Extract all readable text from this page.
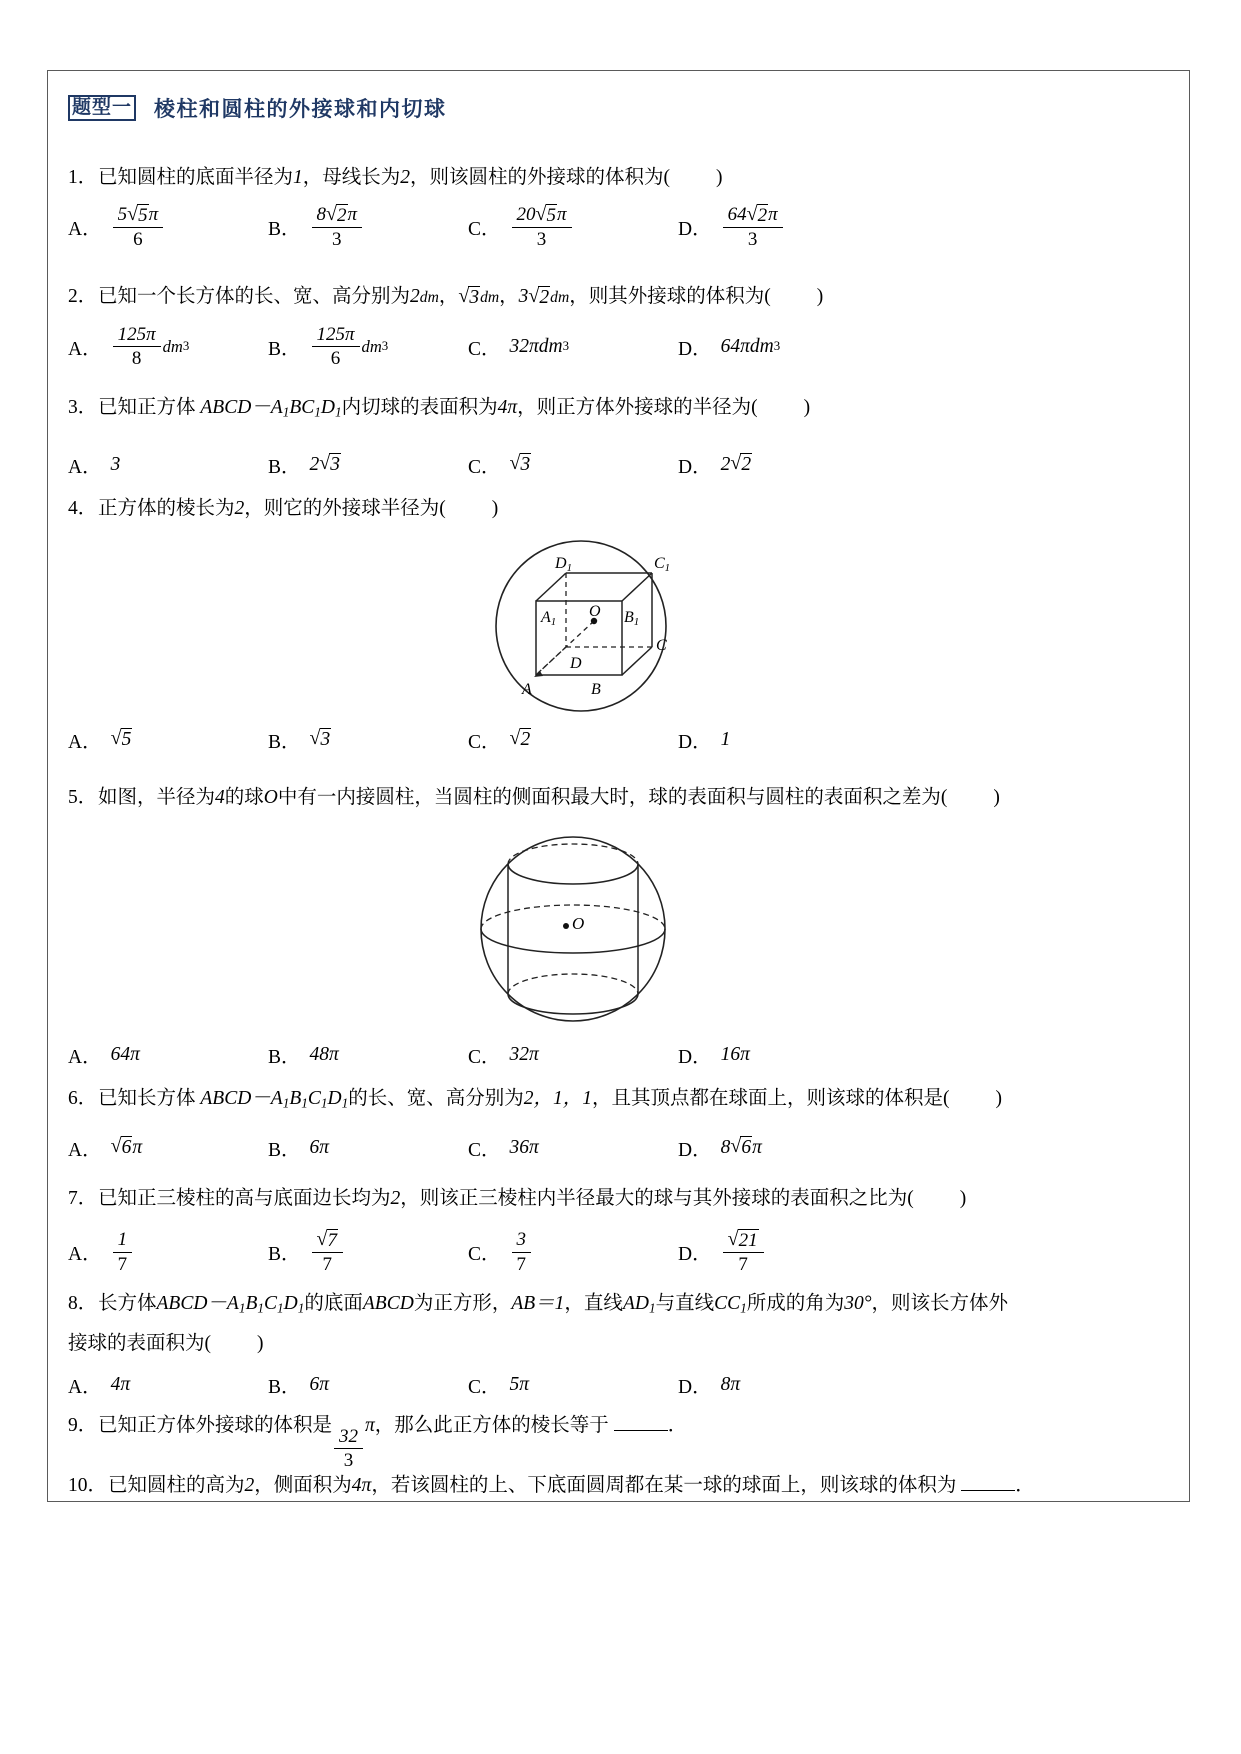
题型一 棱柱和圆柱的外接球和内切球
1．已知圆柱的底面半径为1，母线长为2，则该圆柱的外接球的体积为( )
A． $\frac{5 √ 5 \pi}{6}$	B． $\frac{8 √ 2 \pi}{3}$	C． $\frac{20 √ 5 \pi}{3}$	D． $\frac{64 √ 2 \pi}{3}$
2．已知一个长方体的长、宽、高分别为2dm， √ 3 dm，3 √ 2 dm，则其外接球的体积为( )
A． $\frac{125\pi}{8}$ dm 3	B． $\frac{125\pi}{6}$ dm 3	C． 32πdm 3	D． 64πdm 3
3．已知正方体 $ABCD-A_1BC_1D_1$内切球的表面积为4π，则正方体外接球的半径为( )
A． 3	B． 2 √ 3	C． √ 3	D． 2 √ 2
4．正方体的棱长为2，则它的外接球半径为( )
$D_1$	$C_1$
$A_1$	$B_1$
O
C
D
A	B
A． √ 5	B． √ 3	C． √ 2	D． 1
5．如图，半径为4的球O中有一内接圆柱，当圆柱的侧面积最大时，球的表面积与圆柱的表面积之差为( )
O
A． 64π	B． 48π	C． 32π	D． 16π
6．已知长方体 $ABCD-A_1B_1C_1D_1$的长、宽、高分别为2，1，1，且其顶点都在球面上，则该球的体积是( )
A． √ 6 π	B． 6π	C． 36π	D． 8 √ 6 π
7．已知正三棱柱的高与底面边长均为2，则该正三棱柱内半径最大的球与其外接球的表面积之比为( )
A． $\frac{1}{7}$	B． $\frac{√ 7}{7}$	C． $\frac{3}{7}$	D． $\frac{√ 21}{7}$
8．长方体$ABCD-A_1B_1C_1D_1$的底面ABCD为正方形，AB＝1，直线$AD_1$与直线$CC_1$所成的角为30°，则该长方体外
接球的表面积为( )
A． 4π	B． 6π	C． 5π	D． 8π
9．已知正方体外接球的体积是 $\frac{32}{3}$ π，那么此正方体的棱长等于	．
10．已知圆柱的高为2，侧面积为4π，若该圆柱的上、下底面圆周都在某一球的球面上，则该球的体积为	．
